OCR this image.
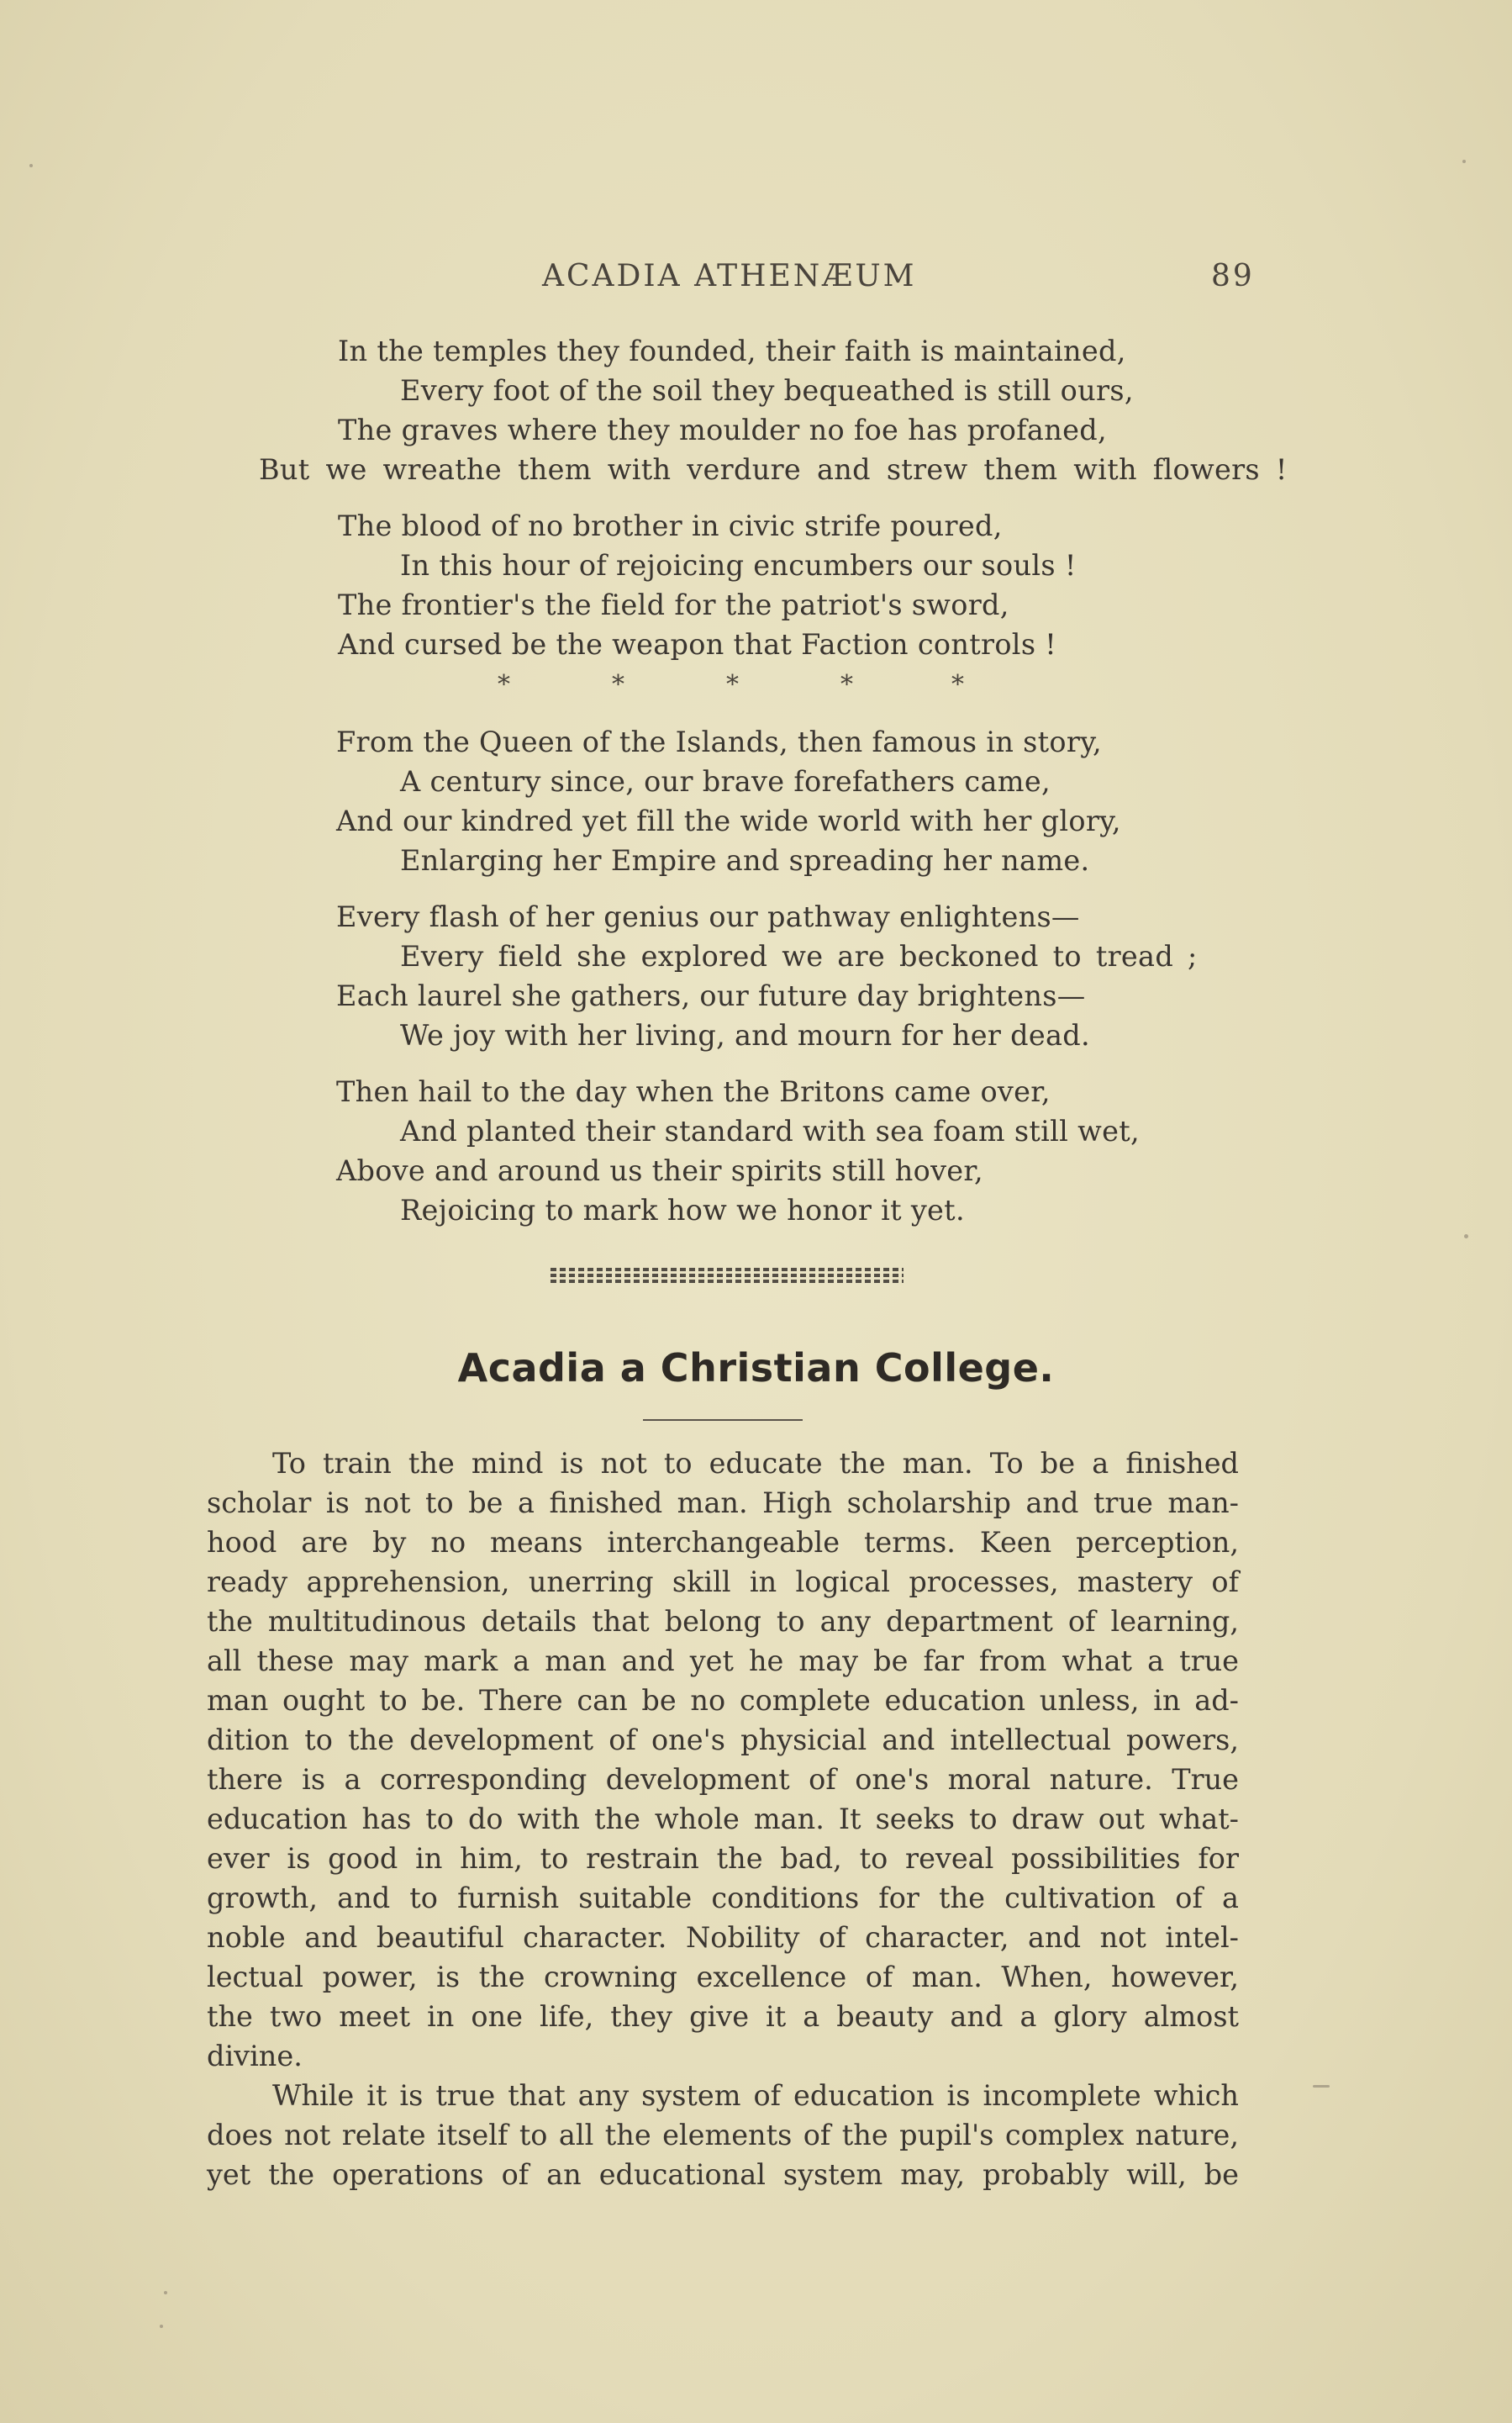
ACADIA ATHENÆUM	89
In the temples they founded, their faith is maintained,
Every foot of the soil they bequeathed is still ours,
The graves where they moulder no foe has profaned,
But we wreathe them with verdure and strew them with flowers !
The blood of no brother in civic strife poured,
In this hour of rejoicing encumbers our souls !
The frontier's the field for the patriot's sword,
And cursed be the weapon that Faction controls !
*	*	*	*	*
From the Queen of the Islands, then famous in story,
A century since, our brave forefathers came,
And our kindred yet fill the wide world with her glory,
Enlarging her Empire and spreading her name.
Every flash of her genius our pathway enlightens—
Every field she explored we are beckoned to tread ;
Each laurel she gathers, our future day brightens—
We joy with her living, and mourn for her dead.
Then hail to the day when the Britons came over,
And planted their standard with sea foam still wet,
Above and around us their spirits still hover,
Rejoicing to mark how we honor it yet.
Acadia a Christian College.
To train the mind is not to educate the man. To be a finished
scholar is not to be a finished man. High scholarship and true man-
hood are by no means interchangeable terms. Keen perception,
ready apprehension, unerring skill in logical processes, mastery of
the multitudinous details that belong to any department of learning,
all these may mark a man and yet he may be far from what a true
man ought to be. There can be no complete education unless, in ad-
dition to the development of one's physicial and intellectual powers,
there is a corresponding development of one's moral nature. True
education has to do with the whole man. It seeks to draw out what-
ever is good in him, to restrain the bad, to reveal possibilities for
growth, and to furnish suitable conditions for the cultivation of a
noble and beautiful character. Nobility of character, and not intel-
lectual power, is the crowning excellence of man. When, however,
the two meet in one life, they give it a beauty and a glory almost
divine.
While it is true that any system of education is incomplete which
does not relate itself to all the elements of the pupil's complex nature,
yet the operations of an educational system may, probably will, be
